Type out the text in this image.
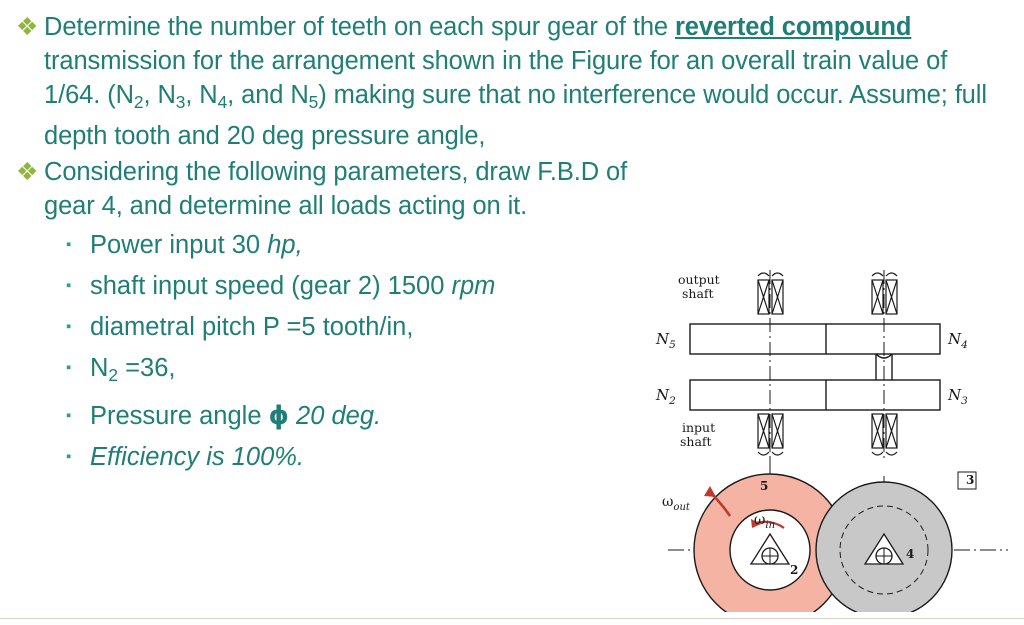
❖ Determine the number of teeth on each spur gear of the reverted compound transmission for the arrangement shown in the Figure for an overall train value of 1/64. ($N_2$, $N_3$, $N_4$, and $N_5$) making sure that no interference would occur. Assume; full depth tooth and 20 deg pressure angle,
❖ Considering the following parameters, draw F.B.D of gear 4, and determine all loads acting on it.
▪ Power input 30 hp,
▪ shaft input speed (gear 2) 1500 rpm
▪ diametral pitch P =5 tooth/in,
▪ $N_2 =36$,
▪ Pressure angle ϕ 20 deg.
▪ Efficiency is 100%.
output
shaft
input
shaft
$N_5$	$N_4$
$N_2$	$N_3$
$\omega_{out}$
$\omega_{in}$
5
2
4
3
